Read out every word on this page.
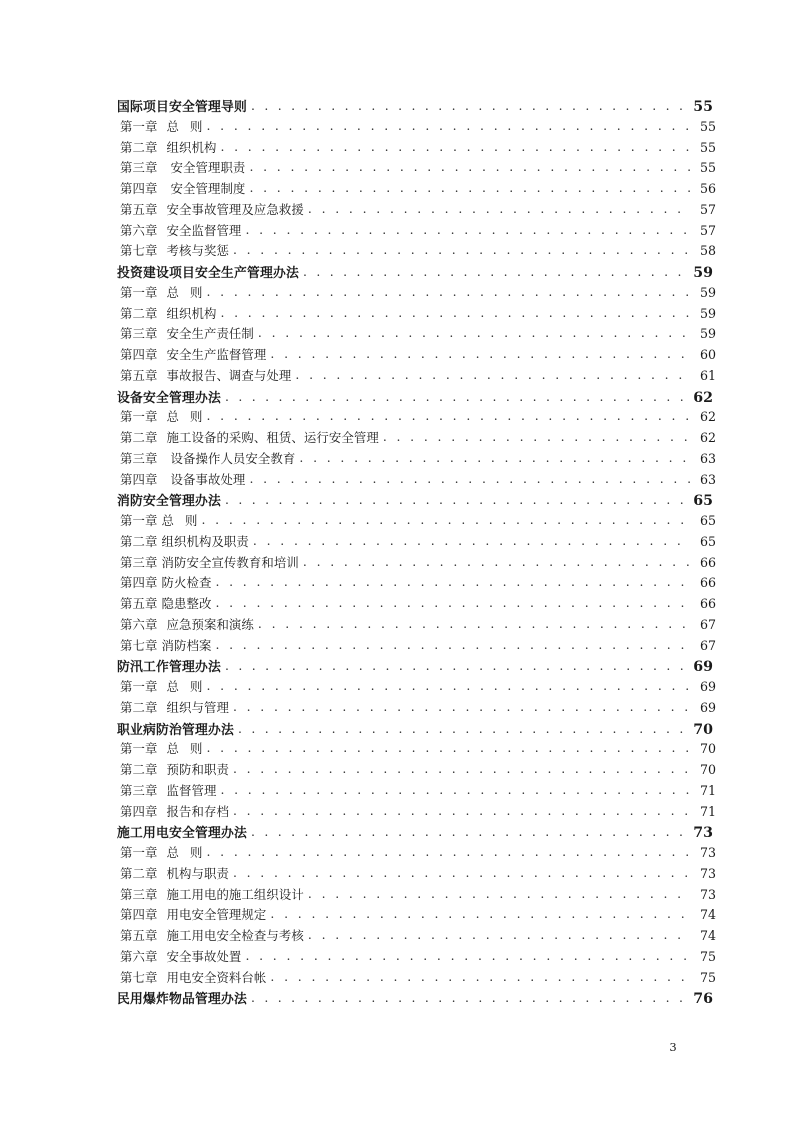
国际项目安全管理导则 . . .	55
第一章 总 则 . . .	55
第二章 组织机构 . . .	55
第三章 安全管理职责 . . .	55
第四章 安全管理制度 . . .	56
第五章 安全事故管理及应急救援 . . .	57
第六章 安全监督管理 . . .	57
第七章 考核与奖惩 . . .	58
投资建设项目安全生产管理办法 . . .	59
第一章 总 则 . . .	59
第二章 组织机构 . . .	59
第三章 安全生产责任制 . . .	59
第四章 安全生产监督管理 . . .	60
第五章 事故报告、调查与处理 . . .	61
设备安全管理办法 . . .	62
第一章 总 则 . . .	62
第二章 施工设备的采购、租赁、运行安全管理 . . .	62
第三章 设备操作人员安全教育 . . .	63
第四章 设备事故处理 . . .	63
消防安全管理办法 . . .	65
第一章 总 则 . . .	65
第二章 组织机构及职责 . . .	65
第三章 消防安全宣传教育和培训 . . .	66
第四章 防火检查 . . .	66
第五章 隐患整改 . . .	66
第六章 应急预案和演练 . . .	67
第七章 消防档案 . . .	67
防汛工作管理办法 . . .	69
第一章 总 则 . . .	69
第二章 组织与管理 . . .	69
职业病防治管理办法 . . .	70
第一章 总 则 . . .	70
第二章 预防和职责 . . .	70
第三章 监督管理 . . .	71
第四章 报告和存档 . . .	71
施工用电安全管理办法 . . .	73
第一章 总 则 . . .	73
第二章 机构与职责 . . .	73
第三章 施工用电的施工组织设计 . . .	73
第四章 用电安全管理规定 . . .	74
第五章 施工用电安全检查与考核 . . .	74
第六章 安全事故处置 . . .	75
第七章 用电安全资料台帐 . . .	75
民用爆炸物品管理办法 . . .	76
3
